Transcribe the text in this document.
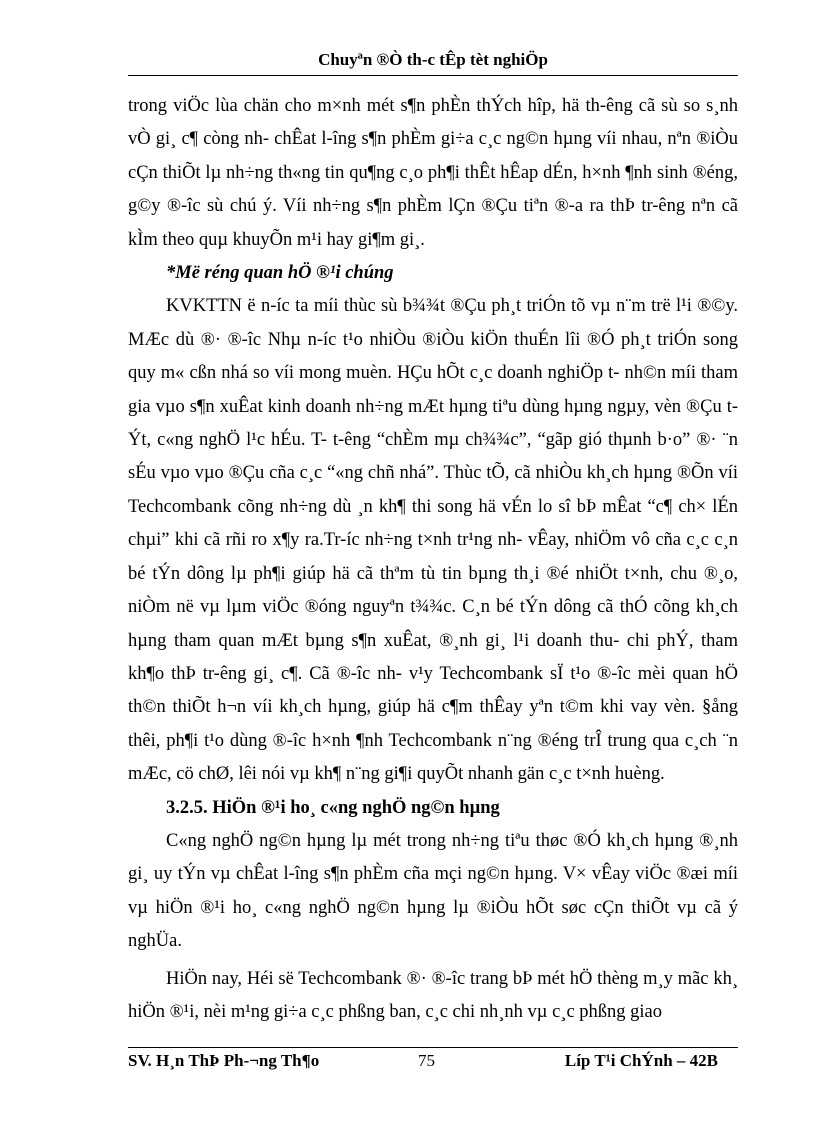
Chuyªn ®Ò th-c tÊp tèt nghiÖp

trong viÖc lùa chän cho m×nh mét s¶n phÈn thÝch hîp, hä th-êng cã sù so s¸nh vÒ gi¸ c¶ còng nh- chÊat l-îng s¶n phÈm gi÷a c¸c ng©n hµng víi nhau, nªn ®iÒu cÇn thiÕt lµ nh÷ng th«ng tin qu¶ng c¸o ph¶i thÊt hÊap dÉn, h×nh ¶nh sinh ®éng, g©y ®-îc sù chú ý. Víi nh÷ng s¶n phÈm lÇn ®Çu tiªn ®-a ra thÞ tr-êng nªn cã kÌm theo quµ khuyÕn m¹i hay gi¶m gi¸.

*Më réng quan hÖ ®¹i chúng

KVKTTN ë n-íc ta míi thùc sù b¾¾t ®Çu ph¸t triÓn tõ vµ n¨m trë l¹i ®©y. MÆc dù ®· ®-îc Nhµ n-íc t¹o nhiÒu ®iÒu kiÖn thuÉn lîi ®Ó ph¸t triÓn song quy m« cßn nhá so víi mong muèn. HÇu hÕt c¸c doanh nghiÖp t- nh©n míi tham gia vµo s¶n xuÊat kinh doanh nh÷ng mÆt hµng tiªu dùng hµng ngµy, vèn ®Çu t- Ýt, c«ng nghÖ l¹c hÉu. T- t-êng “chÈm mµ ch¾¾c”, “gãp gió thµnh b·o” ®· ¨n sÉu vµo vµo ®Çu cña c¸c “«ng chñ nhá”. Thùc tÕ, cã nhiÒu kh¸ch hµng ®Õn víi Techcombank cõng nh÷ng dù ¸n kh¶ thi song hä vÉn lo sî bÞ mÊat “c¶ ch× lÉn chµi” khi cã rñi ro x¶y ra.Tr-íc nh÷ng t×nh tr¹ng nh- vÊay, nhiÖm vô cña c¸c c¸n bé tÝn dông lµ ph¶i giúp hä cã thªm tù tin bµng th¸i ®é nhiÖt t×nh, chu ®¸o, niÒm në vµ lµm viÖc ®óng nguyªn t¾¾c. C¸n bé tÝn dông cã thÓ cõng kh¸ch hµng tham quan mÆt bµng s¶n xuÊat, ®¸nh gi¸ l¹i doanh thu- chi phÝ, tham kh¶o thÞ tr-êng gi¸ c¶. Cã ®-îc nh- v¹y Techcombank sÏ t¹o ®-îc mèi quan hÖ th©n thiÕt h¬n víi kh¸ch hµng, giúp hä c¶m thÊay yªn t©m khi vay vèn. §ång thêi, ph¶i t¹o dùng ®-îc h×nh ¶nh Techcombank n¨ng ®éng trÎ trung qua c¸ch ¨n mÆc, cö chØ, lêi nói vµ kh¶ n¨ng gi¶i quyÕt nhanh gän c¸c t×nh huèng.

3.2.5. HiÖn ®¹i ho¸ c«ng nghÖ ng©n hµng

C«ng nghÖ ng©n hµng lµ mét trong nh÷ng tiªu thøc ®Ó kh¸ch hµng ®¸nh gi¸ uy tÝn vµ chÊat l-îng s¶n phÈm cña mçi ng©n hµng. V× vÊay viÖc ®æi míi vµ hiÖn ®¹i ho¸ c«ng nghÖ ng©n hµng lµ ®iÒu hÕt søc cÇn thiÕt vµ cã ý nghÜa.

HiÖn nay, Héi së Techcombank ®· ®-îc trang bÞ mét hÖ thèng m¸y mãc kh¸ hiÖn ®¹i, nèi m¹ng gi÷a c¸c phßng ban, c¸c chi nh¸nh vµ c¸c phßng giao

SV. H¸n ThÞ Ph-¬ng Th¶o	75	Líp T¹i ChÝnh – 42B
